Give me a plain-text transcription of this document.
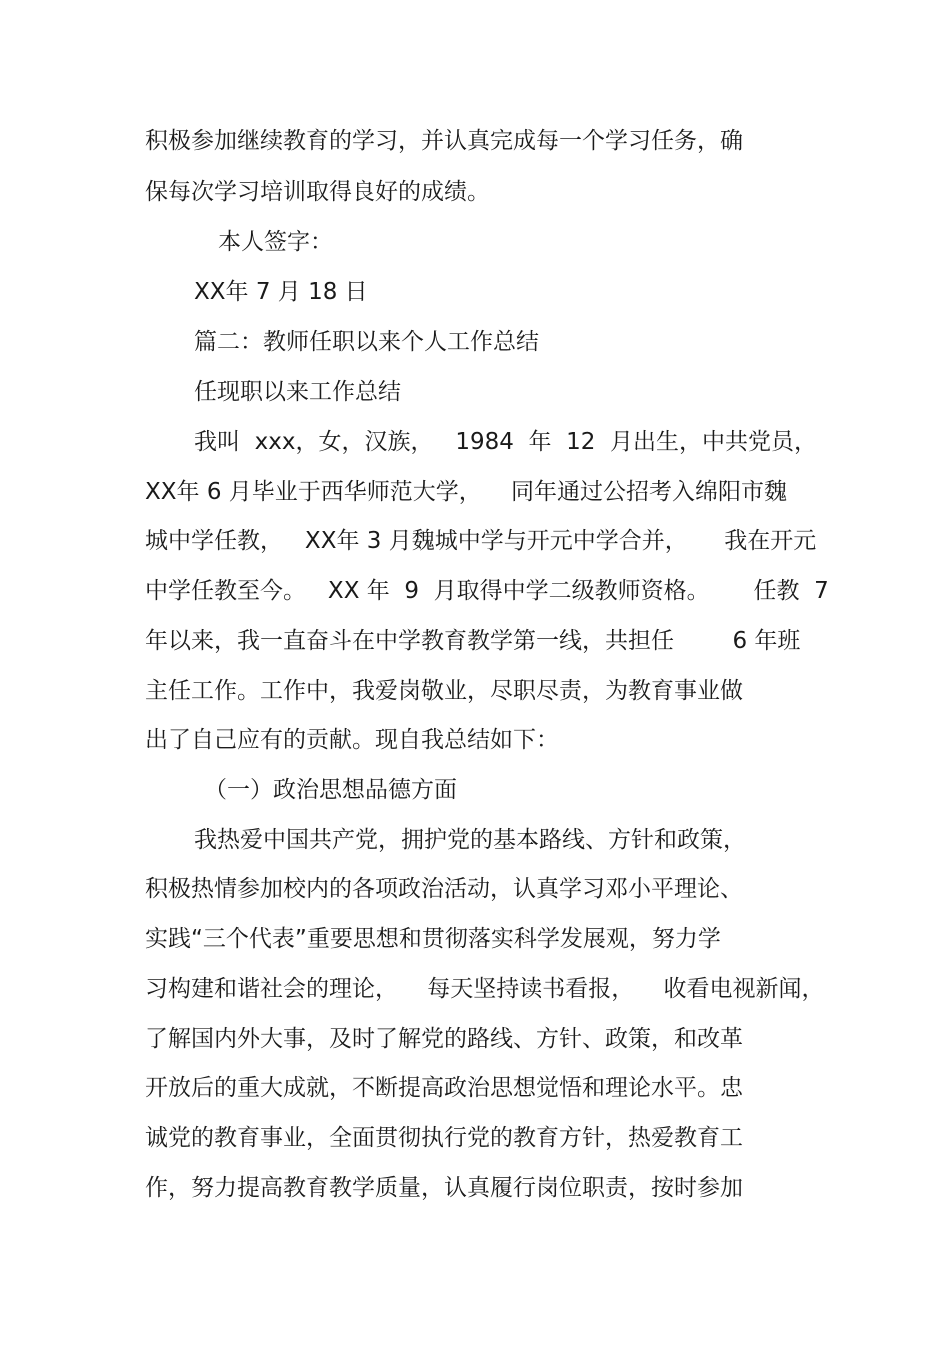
积极参加继续教育的学习，并认真完成每一个学习任务，确
保每次学习培训取得良好的成绩。
本人签字：
XX年 7 月 18 日
篇二：教师任职以来个人工作总结
任现职以来工作总结
我叫  xxx，女，汉族，   1984  年  12  月出生，中共党员，
XX年 6 月毕业于西华师范大学，    同年通过公招考入绵阳市魏
城中学任教，   XX年 3 月魏城中学与开元中学合并，     我在开元
中学任教至今。   XX 年  9  月取得中学二级教师资格。      任教  7
年以来，我一直奋斗在中学教育教学第一线，共担任        6 年班
主任工作。工作中，我爱岗敬业，尽职尽责，为教育事业做
出了自己应有的贡献。现自我总结如下：
（一）政治思想品德方面
我热爱中国共产党，拥护党的基本路线、方针和政策，
积极热情参加校内的各项政治活动，认真学习邓小平理论、
实践“三个代表”重要思想和贯彻落实科学发展观，努力学
习构建和谐社会的理论，    每天坚持读书看报，    收看电视新闻，
了解国内外大事，及时了解党的路线、方针、政策，和改革
开放后的重大成就，不断提高政治思想觉悟和理论水平。忠
诚党的教育事业，全面贯彻执行党的教育方针，热爱教育工
作，努力提高教育教学质量，认真履行岗位职责，按时参加
